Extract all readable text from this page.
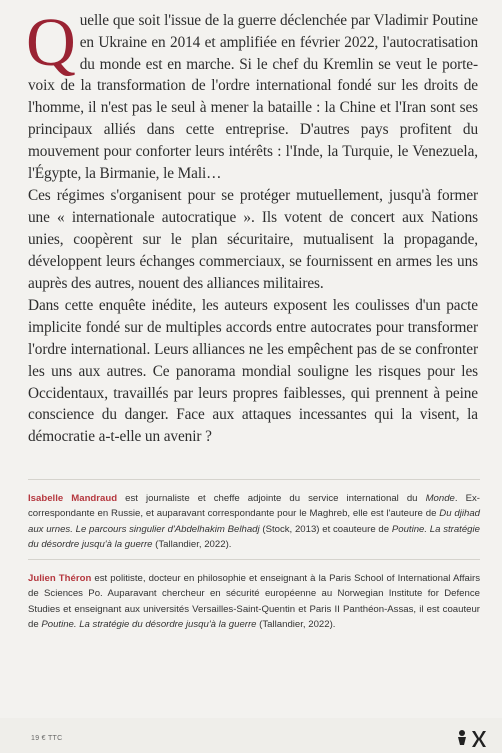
Quelle que soit l'issue de la guerre déclenchée par Vladimir Poutine en Ukraine en 2014 et amplifiée en février 2022, l'autocratisation du monde est en marche. Si le chef du Kremlin se veut le porte-voix de la transformation de l'ordre international fondé sur les droits de l'homme, il n'est pas le seul à mener la bataille : la Chine et l'Iran sont ses principaux alliés dans cette entreprise. D'autres pays profitent du mouvement pour conforter leurs intérêts : l'Inde, la Turquie, le Venezuela, l'Égypte, la Birmanie, le Mali…

Ces régimes s'organisent pour se protéger mutuellement, jusqu'à former une « internationale autocratique ». Ils votent de concert aux Nations unies, coopèrent sur le plan sécuritaire, mutualisent la propagande, développent leurs échanges commerciaux, se fournissent en armes les uns auprès des autres, nouent des alliances militaires.

Dans cette enquête inédite, les auteurs exposent les coulisses d'un pacte implicite fondé sur de multiples accords entre autocrates pour transformer l'ordre international. Leurs alliances ne les empêchent pas de se confronter les uns aux autres. Ce panorama mondial souligne les risques pour les Occidentaux, travaillés par leurs propres faiblesses, qui prennent à peine conscience du danger. Face aux attaques incessantes qui la visent, la démocratie a-t-elle un avenir ?

Isabelle Mandraud est journaliste et cheffe adjointe du service international du Monde. Ex-correspondante en Russie, et auparavant correspondante pour le Maghreb, elle est l'auteure de Du djihad aux urnes. Le parcours singulier d'Abdelhakim Belhadj (Stock, 2013) et coauteure de Poutine. La stratégie du désordre jusqu'à la guerre (Tallandier, 2022).
Julien Théron est politiste, docteur en philosophie et enseignant à la Paris School of International Affairs de Sciences Po. Auparavant chercheur en sécurité européenne au Norwegian Institute for Defence Studies et enseignant aux universités Versailles-Saint-Quentin et Paris II Panthéon-Assas, il est coauteur de Poutine. La stratégie du désordre jusqu'à la guerre (Tallandier, 2022).
19 € TTC
